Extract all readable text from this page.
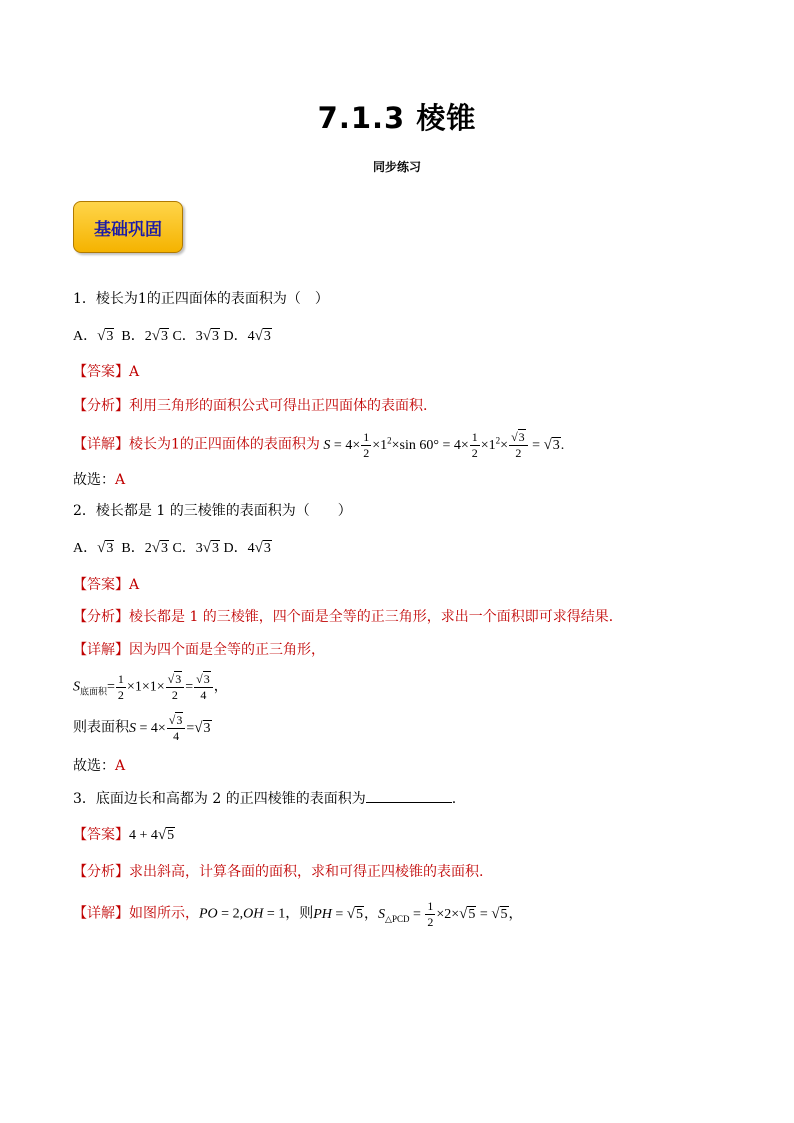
7.1.3 棱锥
同步练习
基础巩固
1．棱长为1的正四面体的表面积为（　）
A．√3 B．2√3 C．3√3 D．4√3
【答案】A
【分析】利用三角形的面积公式可得出正四面体的表面积.
【详解】棱长为1的正四面体的表面积为 $S = 4\times \frac{1}{2} \times 1^2\times\sin$ $60^\circ = 4\times \frac{1}{2} \times 1^2\times \frac{√3}{2} = √3$.
故选：A
2．棱长都是 1 的三棱锥的表面积为（　　）
A．√3 B．2√3 C．3√3 D．4√3
【答案】A
【分析】棱长都是 1 的三棱锥，四个面是全等的正三角形，求出一个面积即可求得结果．
【详解】因为四个面是全等的正三角形，
$S_{底面积}= \frac{1}{2} \times 1\times 1\times \frac{√3}{2} = \frac{√3}{4}$ ，
则表面积$S = 4\times \frac{√3}{4} =√3$
故选：A
3．底面边长和高都为 2 的正四棱锥的表面积为	.
【答案】4 + 4√5
【分析】求出斜高，计算各面的面积，求和可得正四棱锥的表面积.
【详解】如图所示，PO = 2,OH = 1，则PH = √5，$S_{\triangle PCD} = \frac{1}{2} \times 2\times√5 = √5$，
